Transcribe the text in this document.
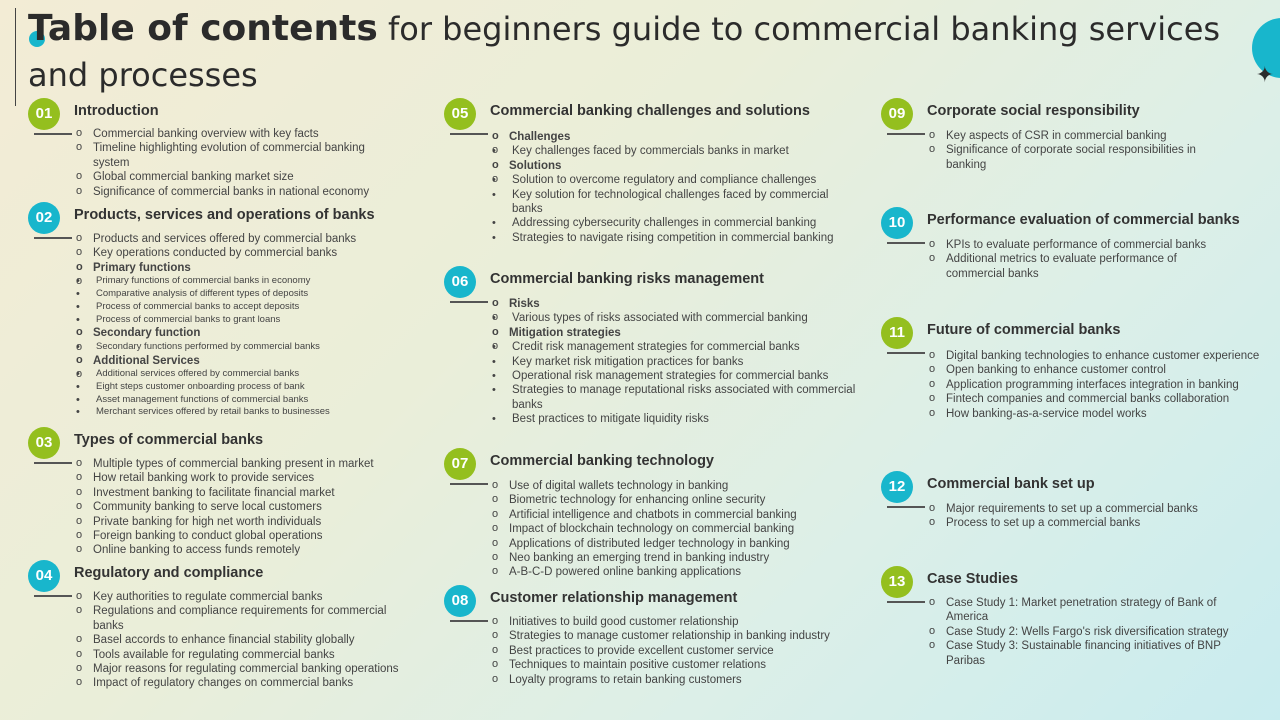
✦
Table of contents for beginners guide to commercial banking services and processes
01	Introduction
o Commercial banking overview with key facts
o Timeline highlighting evolution of commercial banking system
o Global commercial banking market size
o Significance of commercial banks in national economy
02	Products, services and operations of banks
o Products and services offered by commercial banks
o Key operations conducted by commercial banks
o Primary functions
• o Primary functions of commercial banks in economy
• Comparative analysis of different types of deposits
• Process of commercial banks to accept deposits
• Process of commercial banks to grant loans
o Secondary function
• o Secondary functions performed by commercial banks
o Additional Services
• o Additional services offered by commercial banks
• Eight steps customer onboarding process of bank
• Asset management functions of commercial banks
• Merchant services offered by retail banks to businesses
03	Types of commercial banks
o Multiple types of commercial banking present in market
o How retail banking work to provide services
o Investment banking to facilitate financial market
o Community banking to serve local customers
o Private banking for high net worth individuals
o Foreign banking to conduct global operations
o Online banking to access funds remotely
04	Regulatory and compliance
o Key authorities to regulate commercial banks
o Regulations and compliance requirements for commercial banks
o Basel accords to enhance financial stability globally
o Tools available for regulating commercial banks
o Major reasons for regulating commercial banking operations
o Impact of regulatory changes on commercial banks
05	Commercial banking challenges and solutions
o Challenges
• o Key challenges faced by commercials banks in market
o Solutions
• o Solution to overcome regulatory and compliance challenges
• Key solution for technological challenges faced by commercial banks
• Addressing cybersecurity challenges in commercial banking
• Strategies to navigate rising competition in commercial banking
06	Commercial banking risks management
o Risks
• o Various types of risks associated with commercial banking
o Mitigation strategies
• o Credit risk management strategies for commercial banks
• Key market risk mitigation practices for banks
• Operational risk management strategies for commercial banks
• Strategies to manage reputational risks associated with commercial banks
• Best practices to mitigate liquidity risks
07	Commercial banking technology
o Use of digital wallets technology in banking
o Biometric technology for enhancing online security
o Artificial intelligence and chatbots in commercial banking
o Impact of blockchain technology on commercial banking
o Applications of distributed ledger technology in banking
o Neo banking an emerging trend in banking industry
o A-B-C-D powered online banking applications
08	Customer relationship management
o Initiatives to build good customer relationship
o Strategies to manage customer relationship in banking industry
o Best practices to provide excellent customer service
o Techniques to maintain positive customer relations
o Loyalty programs to retain banking customers
09	Corporate social responsibility
o Key aspects of CSR in commercial banking
o Significance of corporate social responsibilities in banking
10	Performance evaluation of commercial banks
o KPIs to evaluate performance of commercial banks
o Additional metrics to evaluate performance of commercial banks
11	Future of commercial banks
o Digital banking technologies to enhance customer experience
o Open banking to enhance customer control
o Application programming interfaces integration in banking
o Fintech companies and commercial banks collaboration
o How banking-as-a-service model works
12	Commercial bank set up
o Major requirements to set up a commercial banks
o Process to set up a commercial banks
13	Case Studies
o Case Study 1: Market penetration strategy of Bank of America
o Case Study 2: Wells Fargo's risk diversification strategy
o Case Study 3: Sustainable financing initiatives of BNP Paribas
